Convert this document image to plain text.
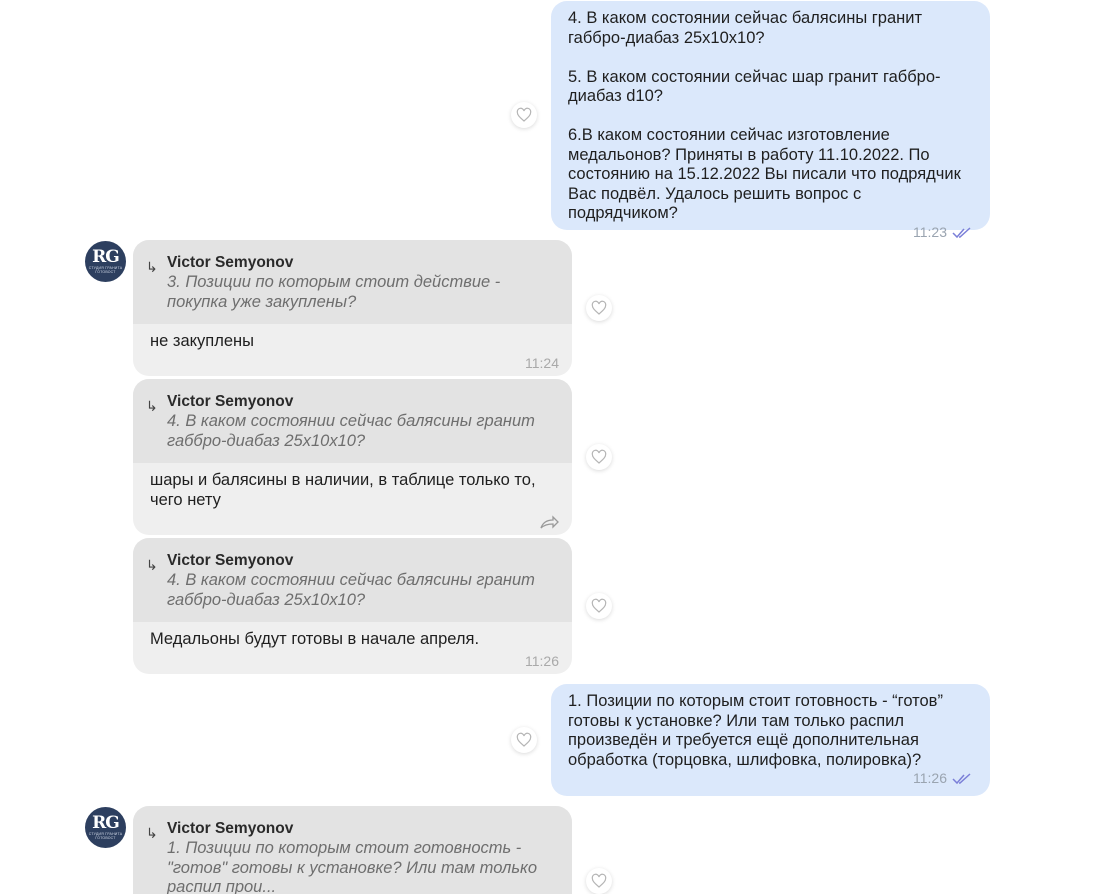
4. В каком состоянии сейчас балясины гранит габбро-диабаз 25x10x10?

5. В каком состоянии сейчас шар гранит габбро-диабаз d10?

6.В каком состоянии сейчас изготовление медальонов? Приняты в работу 11.10.2022. По состоянию на 15.12.2022 Вы писали что подрядчик Вас подвёл. Удалось решить вопрос с подрядчиком?

11:23
RG
СТУДИЯ ГРАНИТА ГОТОВОСТ	↳ Victor Semyonov
3. Позиции по которым стоит действие - покупка уже закуплены?
не закуплены
11:24
↳ Victor Semyonov
4. В каком состоянии сейчас балясины гранит габбро-диабаз 25x10x10?
шары и балясины в наличии, в таблице только то, чего нету
↳ Victor Semyonov
4. В каком состоянии сейчас балясины гранит габбро-диабаз 25x10x10?
Медальоны будут готовы в начале апреля.
11:26

1. Позиции по которым стоит готовность - “готов” готовы к установке? Или там только распил произведён и требуется ещё дополнительная обработка (торцовка, шлифовка, полировка)?

11:26
RG
СТУДИЯ ГРАНИТА ГОТОВОСТ	↳ Victor Semyonov
1. Позиции по которым стоит готовность - "готов" готовы к установке? Или там только распил прои...
